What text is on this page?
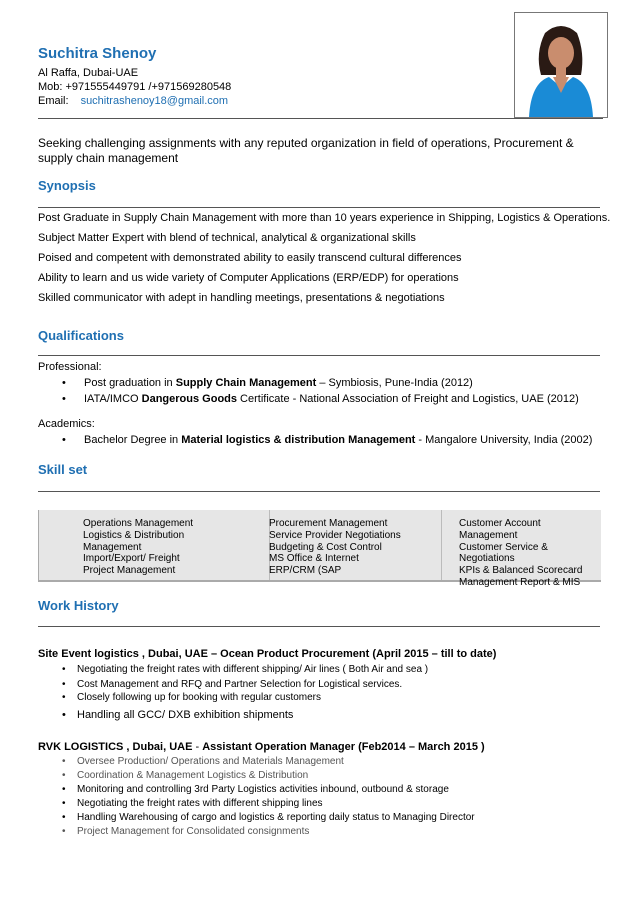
Suchitra Shenoy
Al Raffa, Dubai-UAE
Mob: +971555449791 /+971569280548
Email: suchitrashenoy18@gmail.com
Seeking challenging assignments with any reputed organization in field of operations, Procurement & supply chain management
Synopsis
Post Graduate in Supply Chain Management with more than 10 years experience in Shipping, Logistics & Operations.
Subject Matter Expert with blend of technical, analytical & organizational skills
Poised and competent with demonstrated ability to easily transcend cultural differences
Ability to learn and us wide variety of Computer Applications (ERP/EDP) for operations
Skilled communicator with adept in handling meetings, presentations & negotiations
Qualifications
Professional:
• Post graduation in Supply Chain Management – Symbiosis, Pune-India (2012)
• IATA/IMCO Dangerous Goods Certificate - National Association of Freight and Logistics, UAE (2012)
Academics:
• Bachelor Degree in Material logistics & distribution Management - Mangalore University, India (2002)
Skill set

Operations Management
Logistics & Distribution
Management
Import/Export/ Freight
Project Management
Procurement Management
Service Provider Negotiations
Budgeting & Cost Control
MS Office & Internet
ERP/CRM (SAP
Customer Account Management
Customer Service & Negotiations
KPIs & Balanced Scorecard
Management Report & MIS
Work History
Site Event logistics , Dubai, UAE – Ocean Product Procurement (April 2015 – till to date)
• Negotiating the freight rates with different shipping/ Air lines ( Both Air and sea )
• Cost Management and RFQ and Partner Selection for Logistical services.
• Closely following up for booking with regular customers
• Handling all GCC/ DXB exhibition shipments
RVK LOGISTICS , Dubai, UAE - Assistant Operation Manager (Feb2014 – March 2015 )
• Oversee Production/ Operations and Materials Management
• Coordination & Management Logistics & Distribution
• Monitoring and controlling 3rd Party Logistics activities inbound, outbound & storage
• Negotiating the freight rates with different shipping lines
• Handling Warehousing of cargo and logistics & reporting daily status to Managing Director
• Project Management for Consolidated consignments
